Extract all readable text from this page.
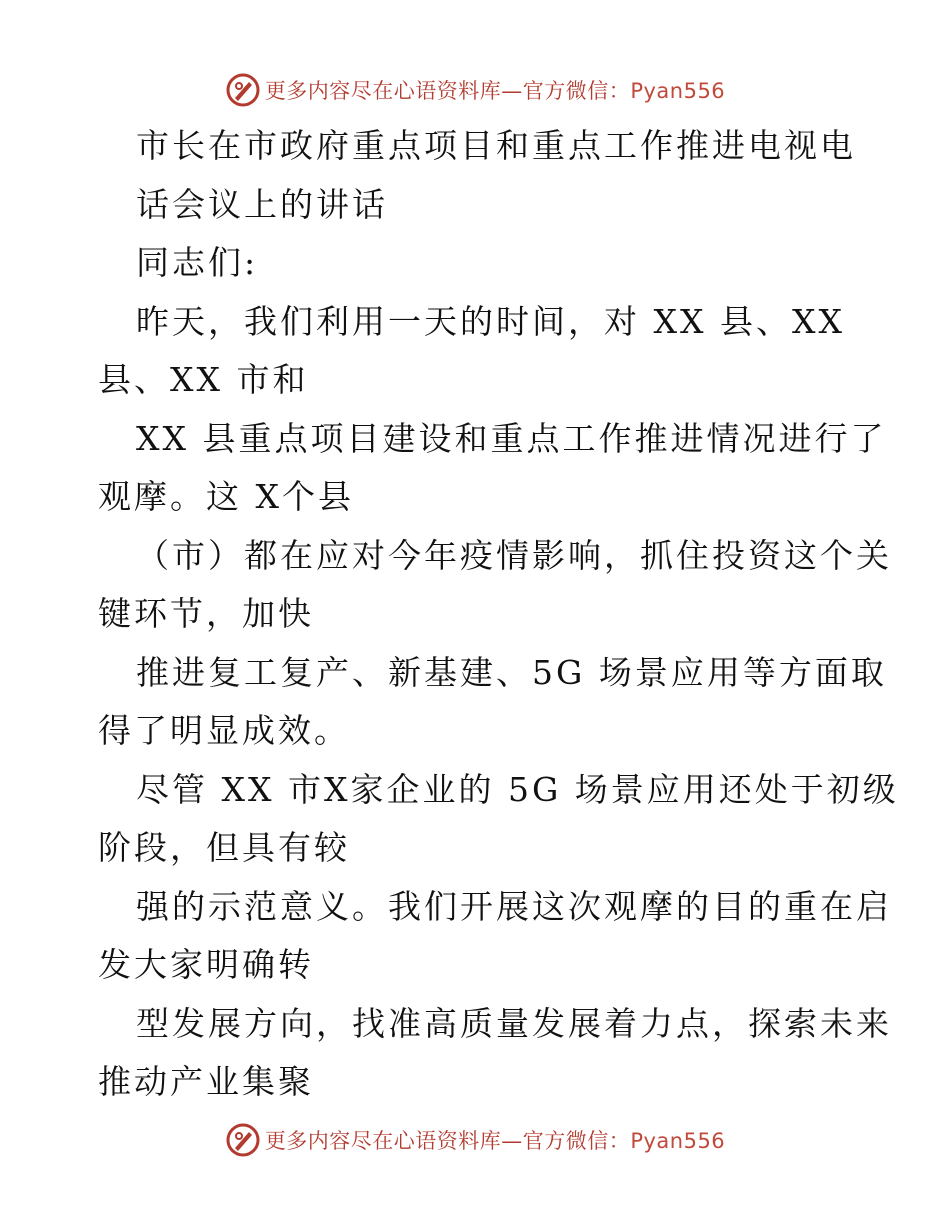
更多内容尽在心语资料库—官方微信：Pyan556
市长在市政府重点项目和重点工作推进电视电
话会议上的讲话
同志们:
昨天，我们利用一天的时间，对 XX 县、XX
县、XX 市和
XX 县重点项目建设和重点工作推进情况进行了
观摩。这 X个县
（市）都在应对今年疫情影响，抓住投资这个关
键环节，加快
推进复工复产、新基建、5G 场景应用等方面取
得了明显成效。
尽管 XX 市X家企业的 5G 场景应用还处于初级
阶段，但具有较
强的示范意义。我们开展这次观摩的目的重在启
发大家明确转
型发展方向，找准高质量发展着力点，探索未来
推动产业集聚
更多内容尽在心语资料库—官方微信：Pyan556
